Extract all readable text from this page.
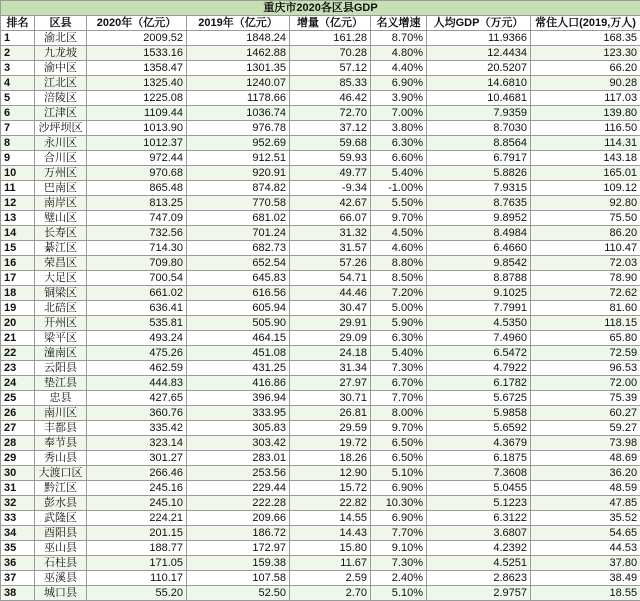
重庆市2020各区县GDP							
排名	区县	2020年（亿元）	2019年（亿元）	增量（亿元）	名义增速	人均GDP（万元）	常住人口(2019,万人)
1	渝北区	2009.52	1848.24	161.28	8.70%	11.9366	168.35
2	九龙坡	1533.16	1462.88	70.28	4.80%	12.4434	123.30
3	渝中区	1358.47	1301.35	57.12	4.40%	20.5207	66.20
4	江北区	1325.40	1240.07	85.33	6.90%	14.6810	90.28
5	涪陵区	1225.08	1178.66	46.42	3.90%	10.4681	117.03
6	江津区	1109.44	1036.74	72.70	7.00%	7.9359	139.80
7	沙坪坝区	1013.90	976.78	37.12	3.80%	8.7030	116.50
8	永川区	1012.37	952.69	59.68	6.30%	8.8564	114.31
9	合川区	972.44	912.51	59.93	6.60%	6.7917	143.18
10	万州区	970.68	920.91	49.77	5.40%	5.8826	165.01
11	巴南区	865.48	874.82	-9.34	-1.00%	7.9315	109.12
12	南岸区	813.25	770.58	42.67	5.50%	8.7635	92.80
13	璧山区	747.09	681.02	66.07	9.70%	9.8952	75.50
14	长寿区	732.56	701.24	31.32	4.50%	8.4984	86.20
15	綦江区	714.30	682.73	31.57	4.60%	6.4660	110.47
16	荣昌区	709.80	652.54	57.26	8.80%	9.8542	72.03
17	大足区	700.54	645.83	54.71	8.50%	8.8788	78.90
18	铜梁区	661.02	616.56	44.46	7.20%	9.1025	72.62
19	北碚区	636.41	605.94	30.47	5.00%	7.7991	81.60
20	开州区	535.81	505.90	29.91	5.90%	4.5350	118.15
21	梁平区	493.24	464.15	29.09	6.30%	7.4960	65.80
22	潼南区	475.26	451.08	24.18	5.40%	6.5472	72.59
23	云阳县	462.59	431.25	31.34	7.30%	4.7922	96.53
24	垫江县	444.83	416.86	27.97	6.70%	6.1782	72.00
25	忠县	427.65	396.94	30.71	7.70%	5.6725	75.39
26	南川区	360.76	333.95	26.81	8.00%	5.9858	60.27
27	丰都县	335.42	305.83	29.59	9.70%	5.6592	59.27
28	奉节县	323.14	303.42	19.72	6.50%	4.3679	73.98
29	秀山县	301.27	283.01	18.26	6.50%	6.1875	48.69
30	大渡口区	266.46	253.56	12.90	5.10%	7.3608	36.20
31	黔江区	245.16	229.44	15.72	6.90%	5.0455	48.59
32	彭水县	245.10	222.28	22.82	10.30%	5.1223	47.85
33	武隆区	224.21	209.66	14.55	6.90%	6.3122	35.52
34	酉阳县	201.15	186.72	14.43	7.70%	3.6807	54.65
35	巫山县	188.77	172.97	15.80	9.10%	4.2392	44.53
36	石柱县	171.05	159.38	11.67	7.30%	4.5251	37.80
37	巫溪县	110.17	107.58	2.59	2.40%	2.8623	38.49
38	城口县	55.20	52.50	2.70	5.10%	2.9757	18.55
